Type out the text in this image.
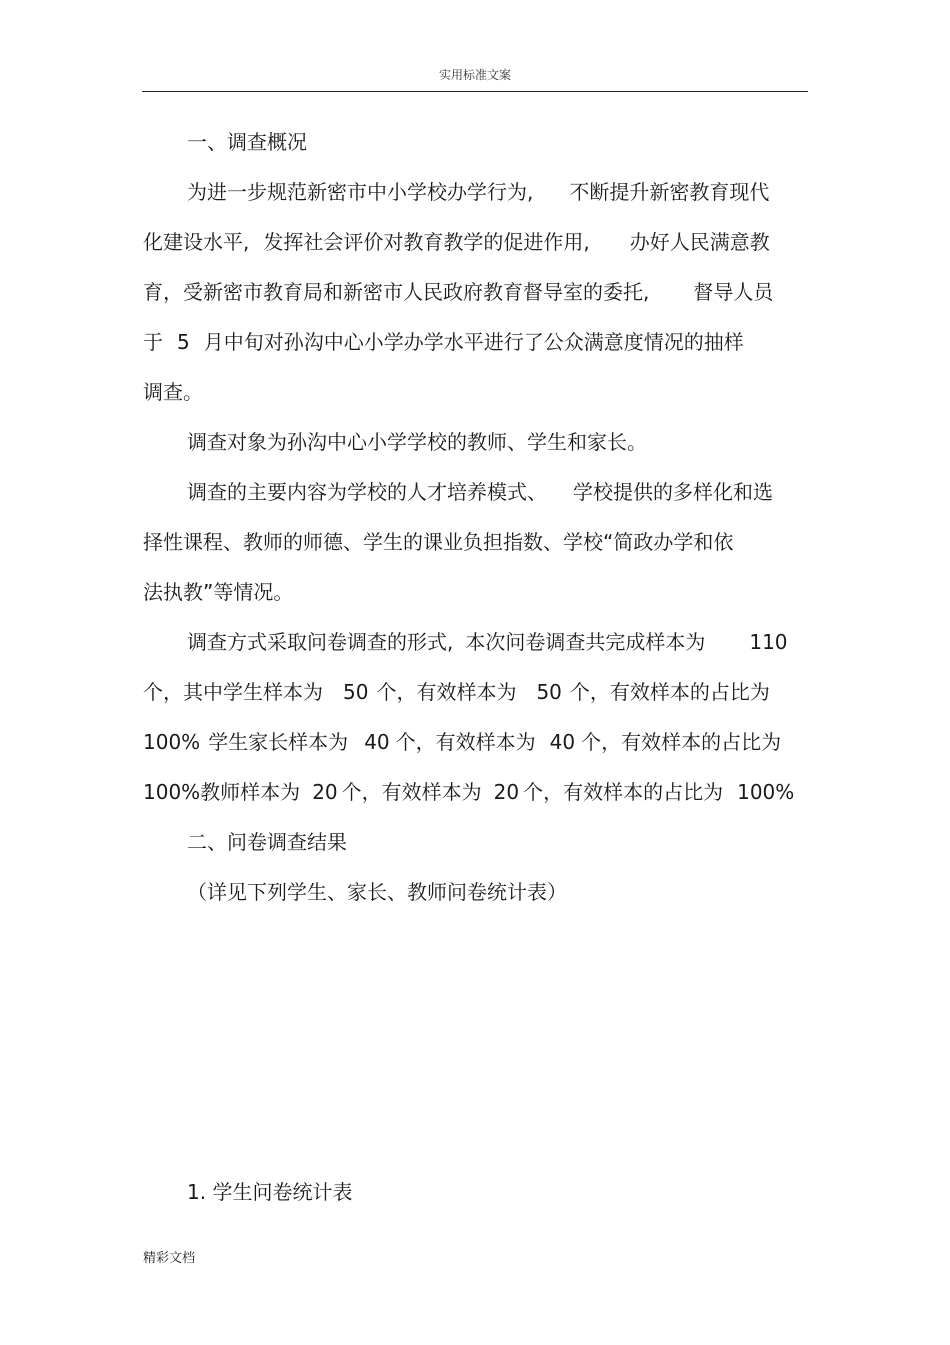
实用标准文案
一、调查概况
为进一步规范新密市中小学校办学行为, 不断提升新密教育现代
化建设水平, 发挥社会评价对教育教学的促进作用, 办好人民满意教
育，受新密市教育局和新密市人民政府教育督导室的委托, 督导人员
于 5 月中旬对孙沟中心小学办学水平进行了公众满意度情况的抽样
调查。
调查对象为孙沟中心小学学校的教师、学生和家长。
调查的主要内容为学校的人才培养模式、 学校提供的多样化和选
择性课程、教师的师德、学生的课业负担指数、学校“简政办学和依
法执教”等情况。
调查方式采取问卷调查的形式, 本次问卷调查共完成样本为 110
个，其中学生样本为 50 个，有效样本为 50 个，有效样本的占比为
100% 学生家长样本为 40 个，有效样本为 40 个，有效样本的占比为
100%教师样本为 20 个，有效样本为 20 个，有效样本的占比为 100%
二、问卷调查结果
（详见下列学生、家长、教师问卷统计表）
1. 学生问卷统计表
精彩文档
